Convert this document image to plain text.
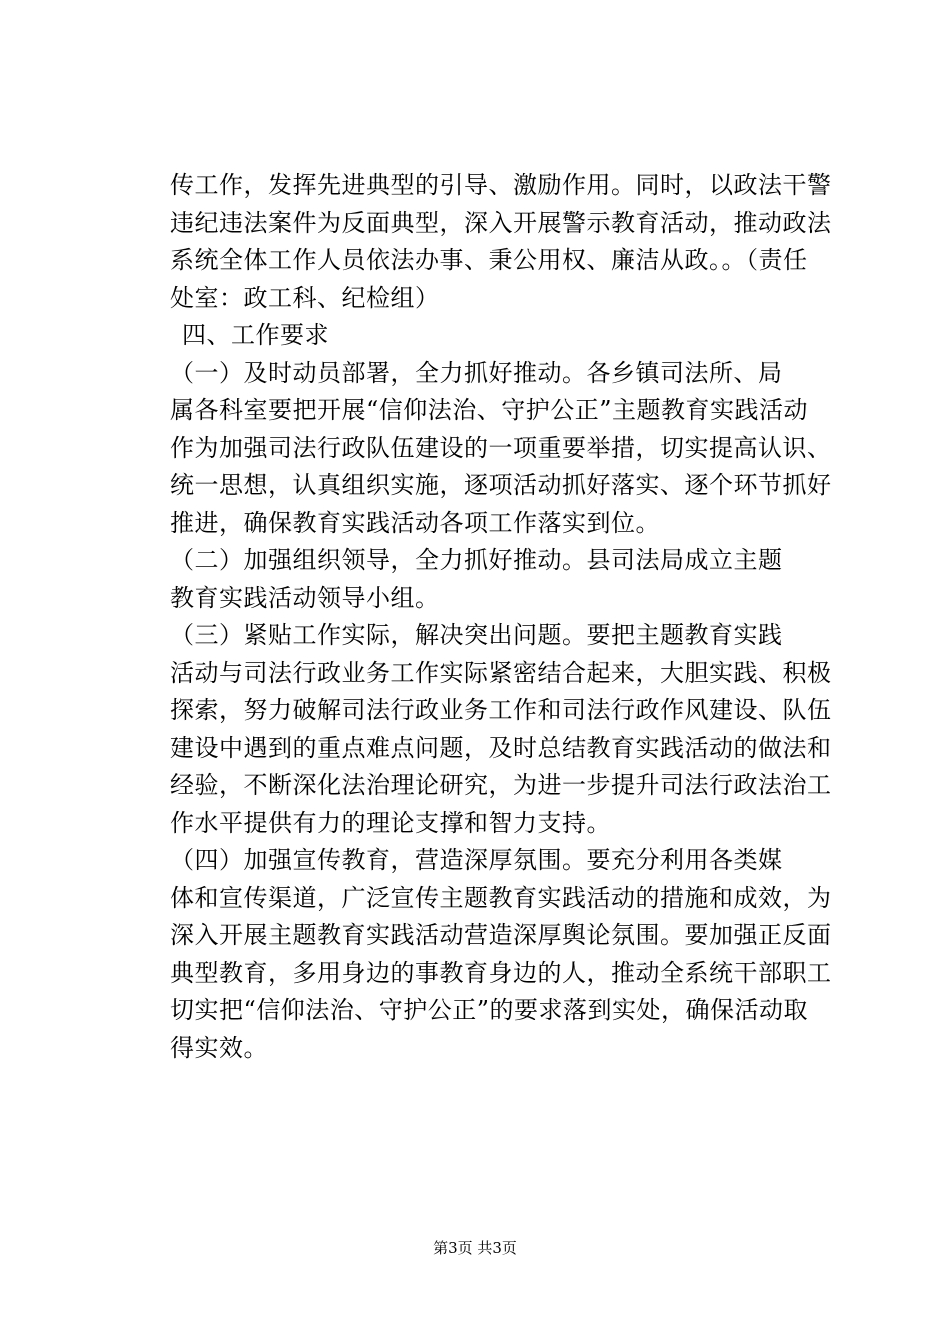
传工作，发挥先进典型的引导、激励作用。同时，以政法干警
违纪违法案件为反面典型，深入开展警示教育活动，推动政法
系统全体工作人员依法办事、秉公用权、廉洁从政。。（责任
处室：政工科、纪检组）
四、工作要求
（一）及时动员部署，全力抓好推动。各乡镇司法所、局
属各科室要把开展“信仰法治、守护公正”主题教育实践活动
作为加强司法行政队伍建设的一项重要举措，切实提高认识、
统一思想，认真组织实施，逐项活动抓好落实、逐个环节抓好
推进，确保教育实践活动各项工作落实到位。
（二）加强组织领导，全力抓好推动。县司法局成立主题
教育实践活动领导小组。
（三）紧贴工作实际，解决突出问题。要把主题教育实践
活动与司法行政业务工作实际紧密结合起来，大胆实践、积极
探索，努力破解司法行政业务工作和司法行政作风建设、队伍
建设中遇到的重点难点问题，及时总结教育实践活动的做法和
经验，不断深化法治理论研究，为进一步提升司法行政法治工
作水平提供有力的理论支撑和智力支持。
（四）加强宣传教育，营造深厚氛围。要充分利用各类媒
体和宣传渠道，广泛宣传主题教育实践活动的措施和成效，为
深入开展主题教育实践活动营造深厚舆论氛围。要加强正反面
典型教育，多用身边的事教育身边的人，推动全系统干部职工
切实把“信仰法治、守护公正”的要求落到实处，确保活动取
得实效。
第3页 共3页
